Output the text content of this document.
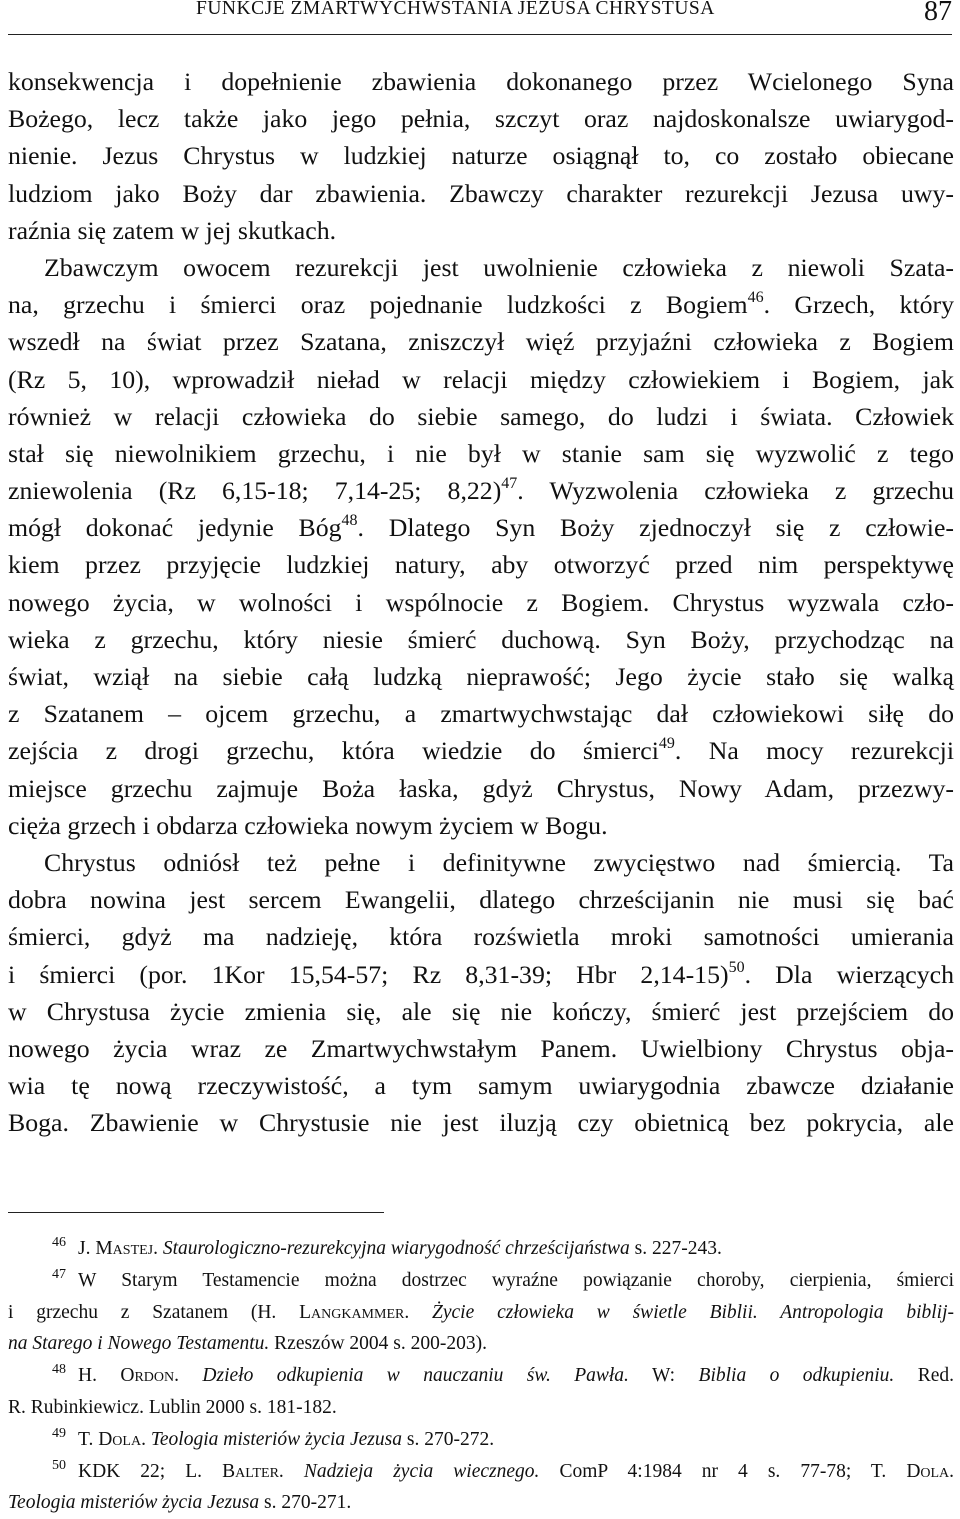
FUNKCJE ZMARTWYCHWSTANIA JEZUSA CHRYSTUSA	87
konsekwencja i dopełnienie zbawienia dokonanego przez Wcielonego Syna
Bożego, lecz także jako jego pełnia, szczyt oraz najdoskonalsze uwiarygod-
nienie. Jezus Chrystus w ludzkiej naturze osiągnął to, co zostało obiecane
ludziom jako Boży dar zbawienia. Zbawczy charakter rezurekcji Jezusa uwy-
raźnia się zatem w jej skutkach.
Zbawczym owocem rezurekcji jest uwolnienie człowieka z niewoli Szata-
na, grzechu i śmierci oraz pojednanie ludzkości z Bogiem$^{46}$. Grzech, który
wszedł na świat przez Szatana, zniszczył więź przyjaźni człowieka z Bogiem
(Rz 5, 10), wprowadził nieład w relacji między człowiekiem i Bogiem, jak
również w relacji człowieka do siebie samego, do ludzi i świata. Człowiek
stał się niewolnikiem grzechu, i nie był w stanie sam się wyzwolić z tego
zniewolenia (Rz 6,15-18; 7,14-25; 8,22)$^{47}$. Wyzwolenia człowieka z grzechu
mógł dokonać jedynie Bóg$^{48}$. Dlatego Syn Boży zjednoczył się z człowie-
kiem przez przyjęcie ludzkiej natury, aby otworzyć przed nim perspektywę
nowego życia, w wolności i wspólnocie z Bogiem. Chrystus wyzwala czło-
wieka z grzechu, który niesie śmierć duchową. Syn Boży, przychodząc na
świat, wziął na siebie całą ludzką nieprawość; Jego życie stało się walką
z Szatanem – ojcem grzechu, a zmartwychwstając dał człowiekowi siłę do
zejścia z drogi grzechu, która wiedzie do śmierci$^{49}$. Na mocy rezurekcji
miejsce grzechu zajmuje Boża łaska, gdyż Chrystus, Nowy Adam, przezwy-
ciężа grzech i obdarza człowieka nowym życiem w Bogu.
Chrystus odniósł też pełne i definitywne zwycięstwo nad śmiercią. Ta
dobra nowina jest sercem Ewangelii, dlatego chrześcijanin nie musi się bać
śmierci, gdyż ma nadzieję, która rozświetla mroki samotności umierania
i śmierci (por. 1Kor 15,54-57; Rz 8,31-39; Hbr 2,14-15)$^{50}$. Dla wierzących
w Chrystusa życie zmienia się, ale się nie kończy, śmierć jest przejściem do
nowego życia wraz ze Zmartwychwstałym Panem. Uwielbiony Chrystus obja-
wia tę nową rzeczywistość, a tym samym uwiarygodnia zbawcze działanie
Boga. Zbawienie w Chrystusie nie jest iluzją czy obietnicą bez pokrycia, ale
$^{46}$ J. Mastej. Staurologiczno-rezurekcyjna wiarygodność chrześcijaństwa s. 227-243.
$^{47}$ W Starym Testamencie można dostrzec wyraźne powiązanie choroby, cierpienia, śmierci
i grzechu z Szatanem (H. Langkammer. Życie człowieka w świetle Biblii. Antropologia biblij-
na Starego i Nowego Testamentu. Rzeszów 2004 s. 200-203).
$^{48}$ H. Ordon. Dzieło odkupienia w nauczaniu św. Pawła. W: Biblia o odkupieniu. Red.
R. Rubinkiewicz. Lublin 2000 s. 181-182.
$^{49}$ T. Dola. Teologia misteriów życia Jezusa s. 270-272.
$^{50}$ KDK 22; L. Balter. Nadzieja życia wiecznego. ComP 4:1984 nr 4 s. 77-78; T. Dola.
Teologia misteriów życia Jezusa s. 270-271.
